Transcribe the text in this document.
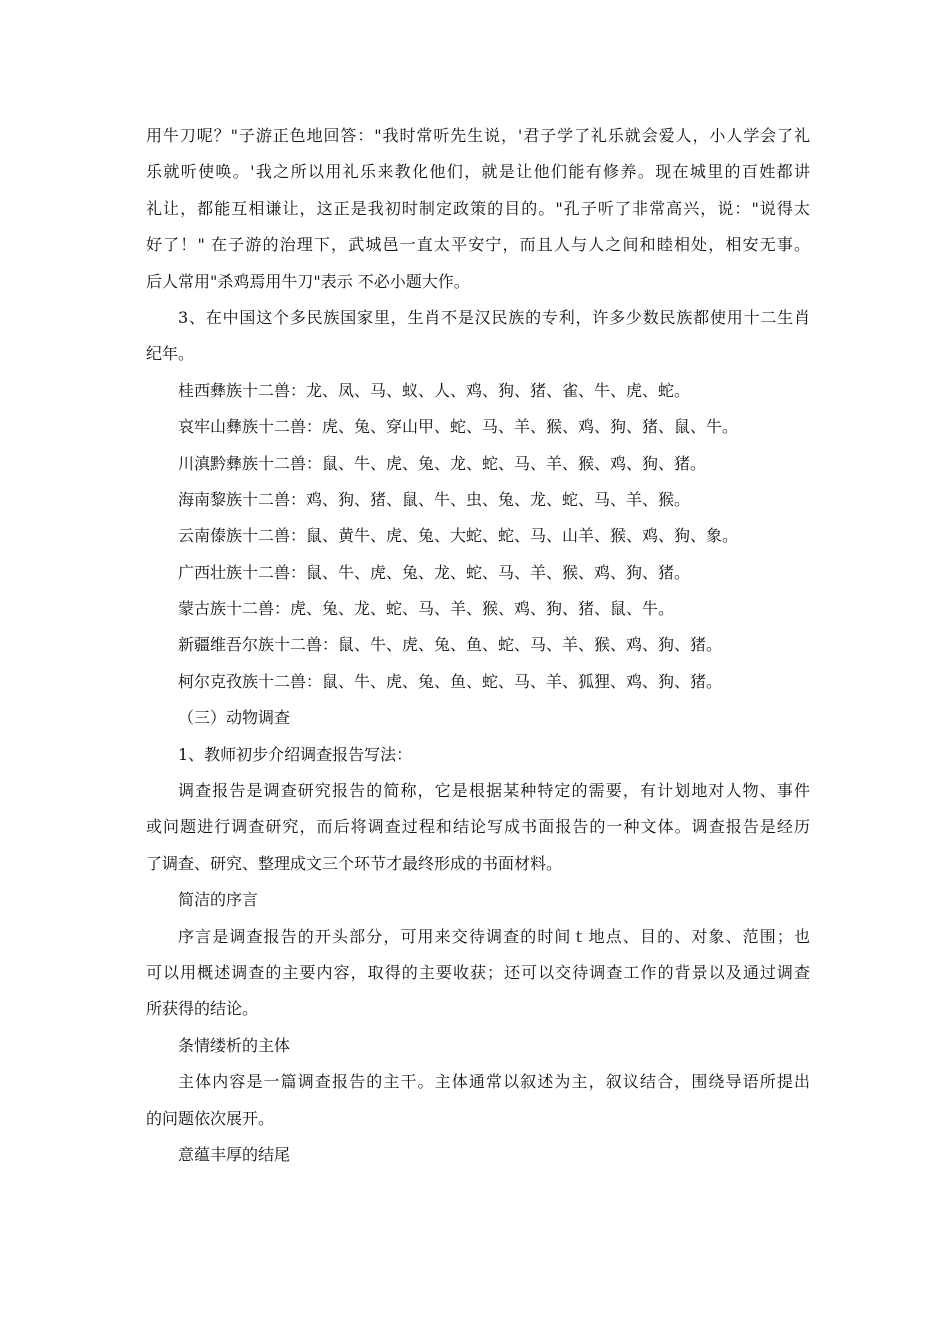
用牛刀呢？"子游正色地回答："我时常听先生说，'君子学了礼乐就会爱人，小人学会了礼
乐就听使唤。'我之所以用礼乐来教化他们，就是让他们能有修养。现在城里的百姓都讲
礼让，都能互相谦让，这正是我初时制定政策的目的。"孔子听了非常高兴，说："说得太
好了！" 在子游的治理下，武城邑一直太平安宁，而且人与人之间和睦相处，相安无事。
后人常用"杀鸡焉用牛刀"表示 不必小题大作。
3、在中国这个多民族国家里，生肖不是汉民族的专利，许多少数民族都使用十二生肖
纪年。
桂西彝族十二兽：龙、凤、马、蚁、人、鸡、狗、猪、雀、牛、虎、蛇。
哀牢山彝族十二兽：虎、兔、穿山甲、蛇、马、羊、猴、鸡、狗、猪、鼠、牛。
川滇黔彝族十二兽：鼠、牛、虎、兔、龙、蛇、马、羊、猴、鸡、狗、猪。
海南黎族十二兽：鸡、狗、猪、鼠、牛、虫、兔、龙、蛇、马、羊、猴。
云南傣族十二兽：鼠、黄牛、虎、兔、大蛇、蛇、马、山羊、猴、鸡、狗、象。
广西壮族十二兽：鼠、牛、虎、兔、龙、蛇、马、羊、猴、鸡、狗、猪。
蒙古族十二兽：虎、兔、龙、蛇、马、羊、猴、鸡、狗、猪、鼠、牛。
新疆维吾尔族十二兽：鼠、牛、虎、兔、鱼、蛇、马、羊、猴、鸡、狗、猪。
柯尔克孜族十二兽：鼠、牛、虎、兔、鱼、蛇、马、羊、狐狸、鸡、狗、猪。
（三）动物调查
1、教师初步介绍调查报告写法：
调查报告是调查研究报告的简称，它是根据某种特定的需要，有计划地对人物、事件
或问题进行调查研究，而后将调查过程和结论写成书面报告的一种文体。调查报告是经历
了调查、研究、整理成文三个环节才最终形成的书面材料。
简洁的序言
序言是调查报告的开头部分，可用来交待调查的时间ｔ地点、目的、对象、范围；也
可以用概述调查的主要内容，取得的主要收获；还可以交待调查工作的背景以及通过调查
所获得的结论。
条情缕析的主体
主体内容是一篇调查报告的主干。主体通常以叙述为主，叙议结合，围绕导语所提出
的问题依次展开。
意蕴丰厚的结尾
